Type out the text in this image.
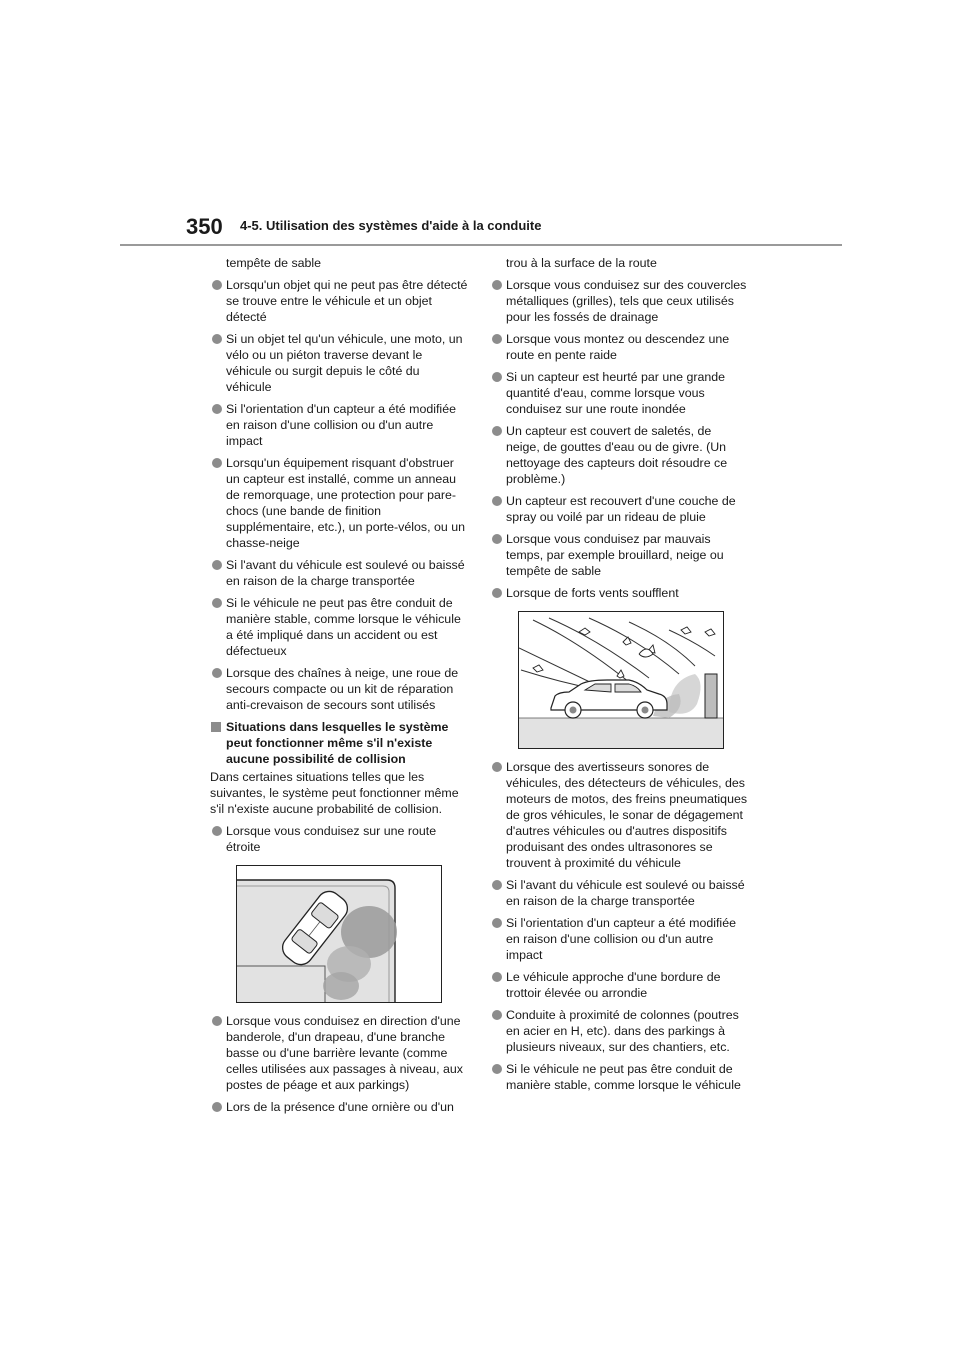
350 4-5. Utilisation des systèmes d'aide à la conduite
tempête de sable
Lorsqu'un objet qui ne peut pas être détecté se trouve entre le véhicule et un objet détecté
Si un objet tel qu'un véhicule, une moto, un vélo ou un piéton traverse devant le véhicule ou surgit depuis le côté du véhicule
Si l'orientation d'un capteur a été modifiée en raison d'une collision ou d'un autre impact
Lorsqu'un équipement risquant d'obstruer un capteur est installé, comme un anneau de remorquage, une protection pour pare-chocs (une bande de finition supplémentaire, etc.), un porte-vélos, ou un chasse-neige
Si l'avant du véhicule est soulevé ou baissé en raison de la charge transportée
Si le véhicule ne peut pas être conduit de manière stable, comme lorsque le véhicule a été impliqué dans un accident ou est défectueux
Lorsque des chaînes à neige, une roue de secours compacte ou un kit de réparation anti-crevaison de secours sont utilisés
Situations dans lesquelles le système peut fonctionner même s'il n'existe aucune possibilité de collision
Dans certaines situations telles que les suivantes, le système peut fonctionner même s'il n'existe aucune probabilité de collision.
Lorsque vous conduisez sur une route étroite
Lorsque vous conduisez en direction d'une banderole, d'un drapeau, d'une branche basse ou d'une barrière levante (comme celles utilisées aux passages à niveau, aux postes de péage et aux parkings)
Lors de la présence d'une ornière ou d'un
trou à la surface de la route
Lorsque vous conduisez sur des couvercles métalliques (grilles), tels que ceux utilisés pour les fossés de drainage
Lorsque vous montez ou descendez une route en pente raide
Si un capteur est heurté par une grande quantité d'eau, comme lorsque vous conduisez sur une route inondée
Un capteur est couvert de saletés, de neige, de gouttes d'eau ou de givre. (Un nettoyage des capteurs doit résoudre ce problème.)
Un capteur est recouvert d'une couche de spray ou voilé par un rideau de pluie
Lorsque vous conduisez par mauvais temps, par exemple brouillard, neige ou tempête de sable
Lorsque de forts vents soufflent
Lorsque des avertisseurs sonores de véhicules, des détecteurs de véhicules, des moteurs de motos, des freins pneumatiques de gros véhicules, le sonar de dégagement d'autres véhicules ou d'autres dispositifs produisant des ondes ultrasonores se trouvent à proximité du véhicule
Si l'avant du véhicule est soulevé ou baissé en raison de la charge transportée
Si l'orientation d'un capteur a été modifiée en raison d'une collision ou d'un autre impact
Le véhicule approche d'une bordure de trottoir élevée ou arrondie
Conduite à proximité de colonnes (poutres en acier en H, etc). dans des parkings à plusieurs niveaux, sur des chantiers, etc.
Si le véhicule ne peut pas être conduit de manière stable, comme lorsque le véhicule
